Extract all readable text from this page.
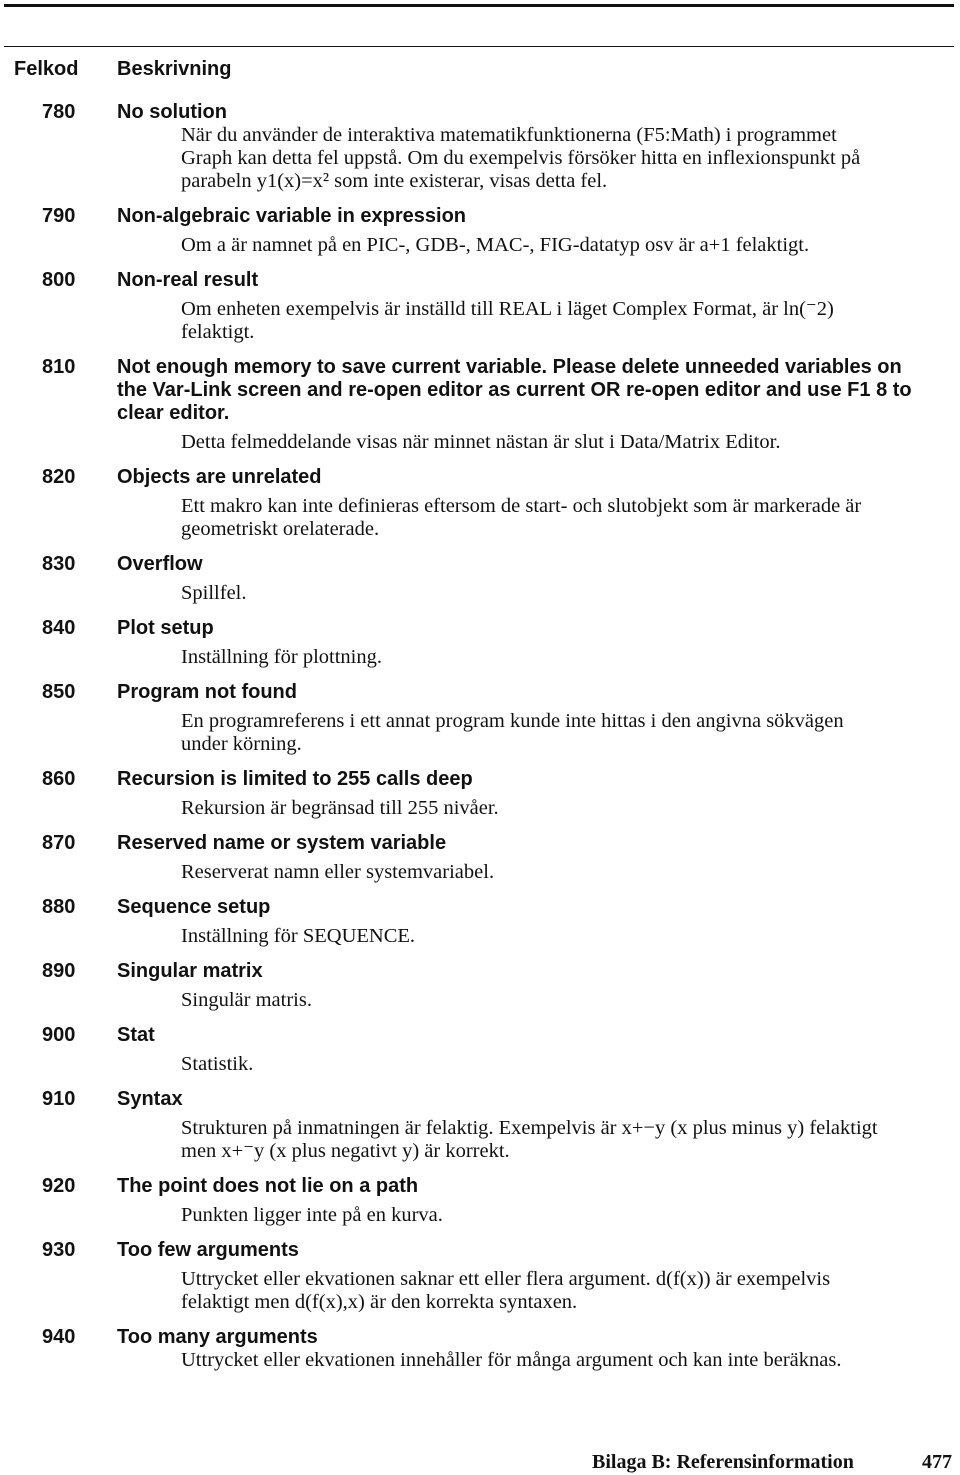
Felkod Beskrivning
780 No solution
När du använder de interaktiva matematikfunktionerna (F5:Math) i programmet Graph kan detta fel uppstå. Om du exempelvis försöker hitta en inflexionspunkt på parabeln y1(x)=x² som inte existerar, visas detta fel.
790 Non-algebraic variable in expression
Om a är namnet på en PIC-, GDB-, MAC-, FIG-datatyp osv är a+1 felaktigt.
800 Non-real result
Om enheten exempelvis är inställd till REAL i läget Complex Format, är ln(⁻2) felaktigt.
810 Not enough memory to save current variable. Please delete unneeded variables on the Var-Link screen and re-open editor as current OR re-open editor and use F1 8 to clear editor.
Detta felmeddelande visas när minnet nästan är slut i Data/Matrix Editor.
820 Objects are unrelated
Ett makro kan inte definieras eftersom de start- och slutobjekt som är markerade är geometriskt orelaterade.
830 Overflow
Spillfel.
840 Plot setup
Inställning för plottning.
850 Program not found
En programreferens i ett annat program kunde inte hittas i den angivna sökvägen under körning.
860 Recursion is limited to 255 calls deep
Rekursion är begränsad till 255 nivåer.
870 Reserved name or system variable
Reserverat namn eller systemvariabel.
880 Sequence setup
Inställning för SEQUENCE.
890 Singular matrix
Singulär matris.
900 Stat
Statistik.
910 Syntax
Strukturen på inmatningen är felaktig. Exempelvis är x+−y (x plus minus y) felaktigt men x+⁻y (x plus negativt y) är korrekt.
920 The point does not lie on a path
Punkten ligger inte på en kurva.
930 Too few arguments
Uttrycket eller ekvationen saknar ett eller flera argument. d(f(x)) är exempelvis felaktigt men d(f(x),x) är den korrekta syntaxen.
940 Too many arguments
Uttrycket eller ekvationen innehåller för många argument och kan inte beräknas.
Bilaga B: Referensinformation	477
